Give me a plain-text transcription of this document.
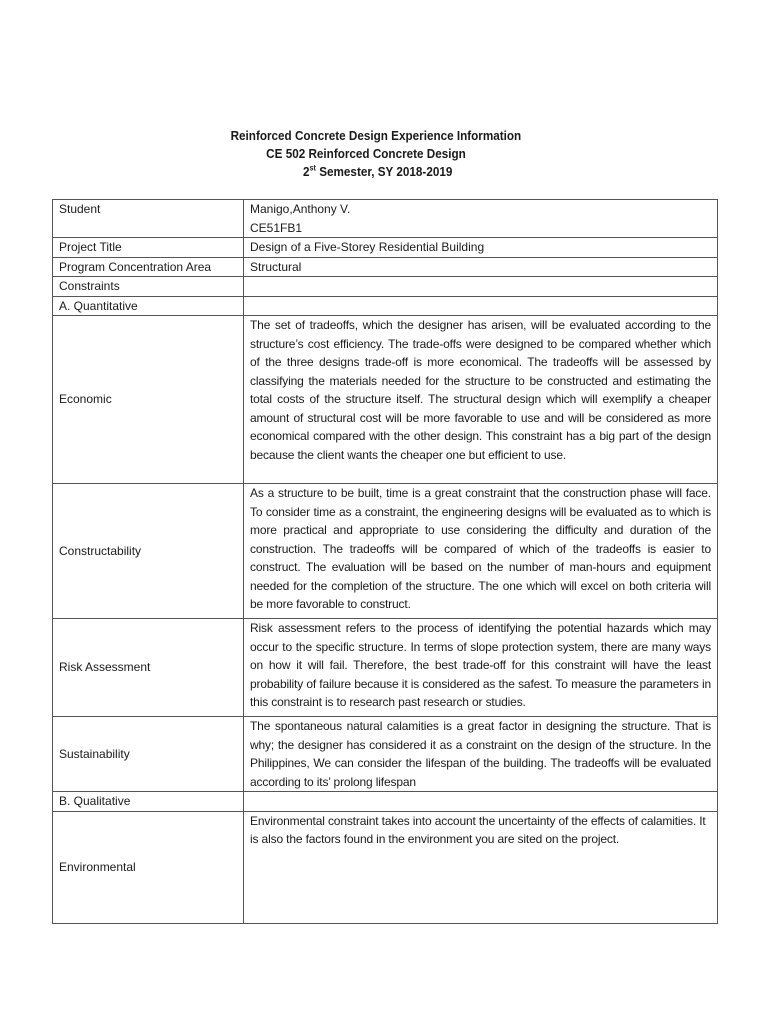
Reinforced Concrete Design Experience Information
CE 502 Reinforced Concrete Design
2st Semester, SY 2018-2019
Student	Manigo,Anthony V.
CE51FB1

Project Title	Design of a Five-Storey Residential Building
Program Concentration Area	Structural
Constraints	
A. Quantitative	
Economic	The set of tradeoffs, which the designer has arisen, will be evaluated according to the structure’s cost efficiency. The trade-offs were designed to be compared whether which of the three designs trade-off is more economical. The tradeoffs will be assessed by classifying the materials needed for the structure to be constructed and estimating the total costs of the structure itself. The structural design which will exemplify a cheaper amount of structural cost will be more favorable to use and will be considered as more economical compared with the other design. This constraint has a big part of the design because the client wants the cheaper one but efficient to use.
Constructability	As a structure to be built, time is a great constraint that the construction phase will face. To consider time as a constraint, the engineering designs will be evaluated as to which is more practical and appropriate to use considering the difficulty and duration of the construction. The tradeoffs will be compared of which of the tradeoffs is easier to construct. The evaluation will be based on the number of man-hours and equipment needed for the completion of the structure. The one which will excel on both criteria will be more favorable to construct.
Risk Assessment	Risk assessment refers to the process of identifying the potential hazards which may occur to the specific structure. In terms of slope protection system, there are many ways on how it will fail. Therefore, the best trade-off for this constraint will have the least probability of failure because it is considered as the safest. To measure the parameters in this constraint is to research past research or studies.
Sustainability	The spontaneous natural calamities is a great factor in designing the structure. That is why; the designer has considered it as a constraint on the design of the structure. In the Philippines, We can consider the lifespan of the building. The tradeoffs will be evaluated according to its’ prolong lifespan
B. Qualitative	
Environmental	Environmental constraint takes into account the uncertainty of the effects of calamities. It is also the factors found in the environment you are sited on the project.
